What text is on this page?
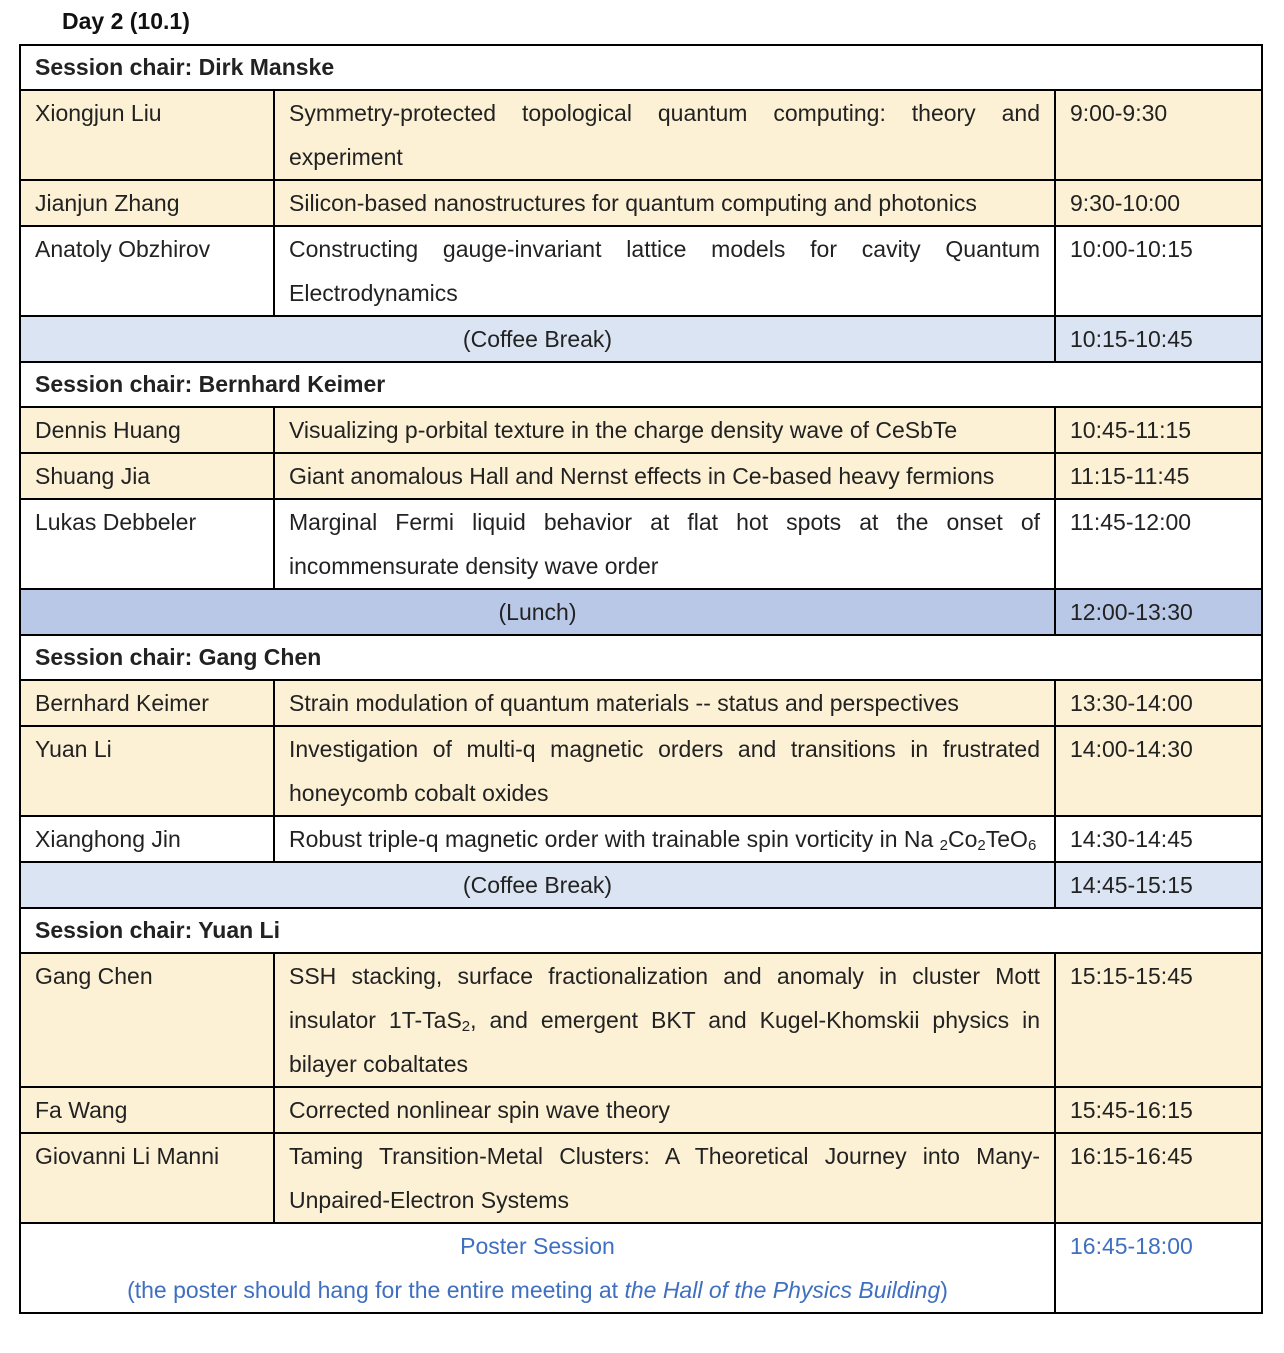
Day 2 (10.1)
Session chair: Dirk Manske		
Xiongjun Liu	Symmetry-protected topological quantum computing: theory and experiment	9:00-9:30
Jianjun Zhang	Silicon-based nanostructures for quantum computing and photonics	9:30-10:00
Anatoly Obzhirov	Constructing gauge-invariant lattice models for cavity Quantum Electrodynamics	10:00-10:15
(Coffee Break)		10:15-10:45
Session chair: Bernhard Keimer		
Dennis Huang	Visualizing p-orbital texture in the charge density wave of CeSbTe	10:45-11:15
Shuang Jia	Giant anomalous Hall and Nernst effects in Ce-based heavy fermions	11:15-11:45
Lukas Debbeler	Marginal Fermi liquid behavior at flat hot spots at the onset of incommensurate density wave order	11:45-12:00
(Lunch)		12:00-13:30
Session chair: Gang Chen		
Bernhard Keimer	Strain modulation of quantum materials -- status and perspectives	13:30-14:00
Yuan Li	Investigation of multi-q magnetic orders and transitions in frustrated honeycomb cobalt oxides	14:00-14:30
Xianghong Jin	Robust triple-q magnetic order with trainable spin vorticity in Na $_2Co_2TeO_6$	14:30-14:45
(Coffee Break)		14:45-15:15
Session chair: Yuan Li		
Gang Chen	SSH stacking, surface fractionalization and anomaly in cluster Mott insulator 1T-TaS$_2$, and emergent BKT and Kugel-Khomskii physics in bilayer cobaltates	15:15-15:45
Fa Wang	Corrected nonlinear spin wave theory	15:45-16:15
Giovanni Li Manni	Taming Transition-Metal Clusters: A Theoretical Journey into Many-Unpaired-Electron Systems	16:15-16:45

Poster Session
(the poster should hang for the entire meeting at the Hall of the Physics Building)		16:45-18:00
